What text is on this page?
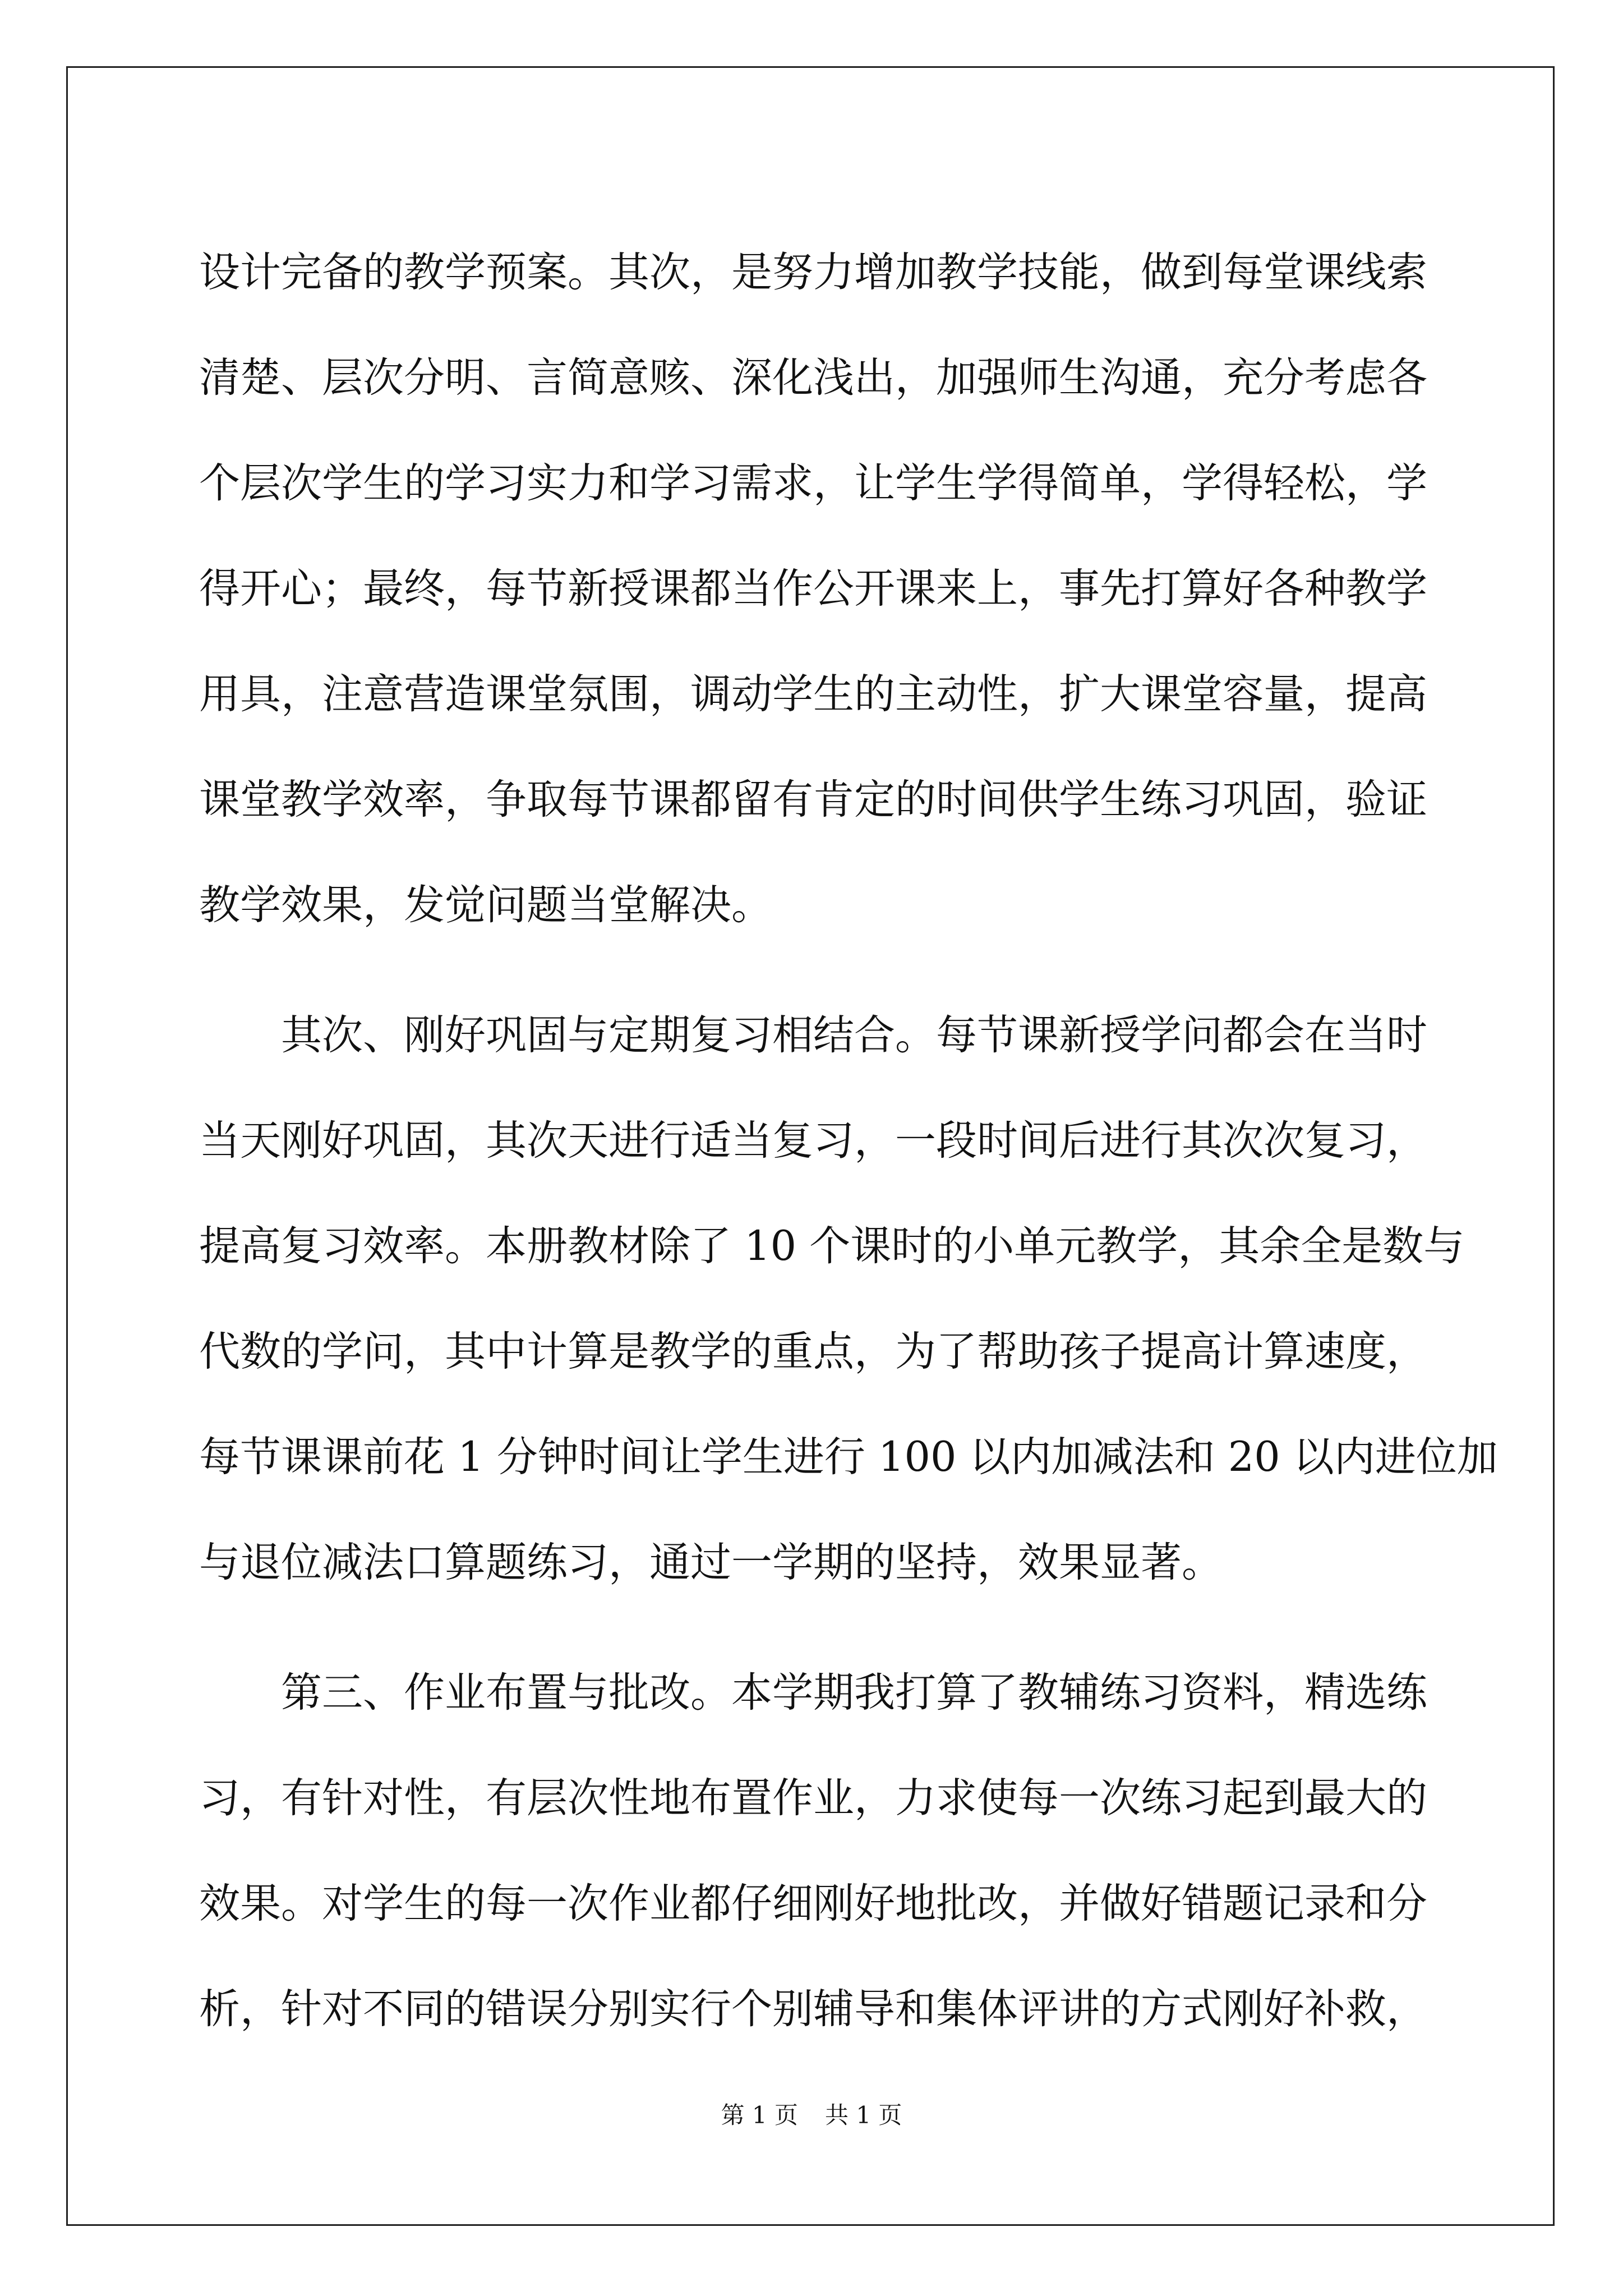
设计完备的教学预案。其次，是努力增加教学技能，做到每堂课线索
清楚、层次分明、言简意赅、深化浅出，加强师生沟通，充分考虑各
个层次学生的学习实力和学习需求，让学生学得简单，学得轻松，学
得开心；最终，每节新授课都当作公开课来上，事先打算好各种教学
用具，注意营造课堂氛围，调动学生的主动性，扩大课堂容量，提高
课堂教学效率，争取每节课都留有肯定的时间供学生练习巩固，验证
教学效果，发觉问题当堂解决。
　　其次、刚好巩固与定期复习相结合。每节课新授学问都会在当时
当天刚好巩固，其次天进行适当复习，一段时间后进行其次次复习，
提高复习效率。本册教材除了 10 个课时的小单元教学，其余全是数与
代数的学问，其中计算是教学的重点，为了帮助孩子提高计算速度，
每节课课前花 1 分钟时间让学生进行 100 以内加减法和 20 以内进位加
与退位减法口算题练习，通过一学期的坚持，效果显著。
　　第三、作业布置与批改。本学期我打算了教辅练习资料，精选练
习，有针对性，有层次性地布置作业，力求使每一次练习起到最大的
效果。对学生的每一次作业都仔细刚好地批改，并做好错题记录和分
析，针对不同的错误分别实行个别辅导和集体评讲的方式刚好补救，
第 1 页 共 1 页
